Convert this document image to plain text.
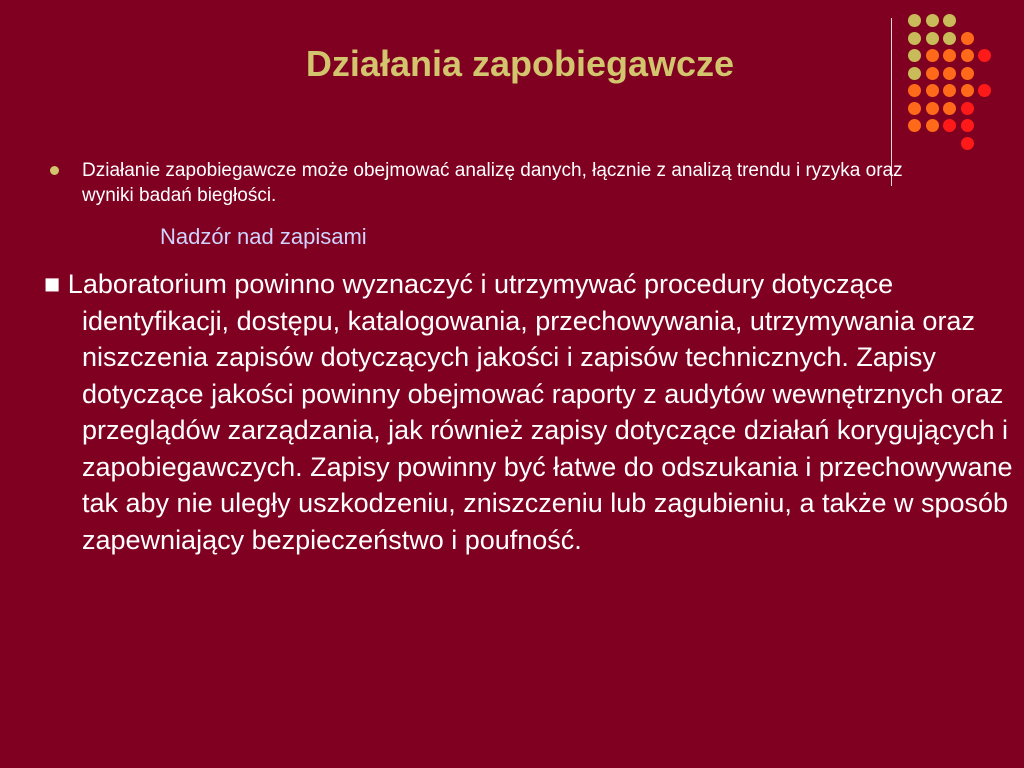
Działania zapobiegawcze
Działanie zapobiegawcze może obejmować analizę danych, łącznie z analizą trendu i ryzyka oraz wyniki badań biegłości.
Nadzór nad zapisami
■ Laboratorium powinno wyznaczyć i utrzymywać procedury dotyczące identyfikacji, dostępu, katalogowania, przechowywania, utrzymywania oraz niszczenia zapisów dotyczących jakości i zapisów technicznych. Zapisy dotyczące jakości powinny obejmować raporty z audytów wewnętrznych oraz przeglądów zarządzania, jak również zapisy dotyczące działań korygujących i zapobiegawczych. Zapisy powinny być łatwe do odszukania i przechowywane tak aby nie uległy uszkodzeniu, zniszczeniu lub zagubieniu, a także w sposób zapewniający bezpieczeństwo i poufność.
